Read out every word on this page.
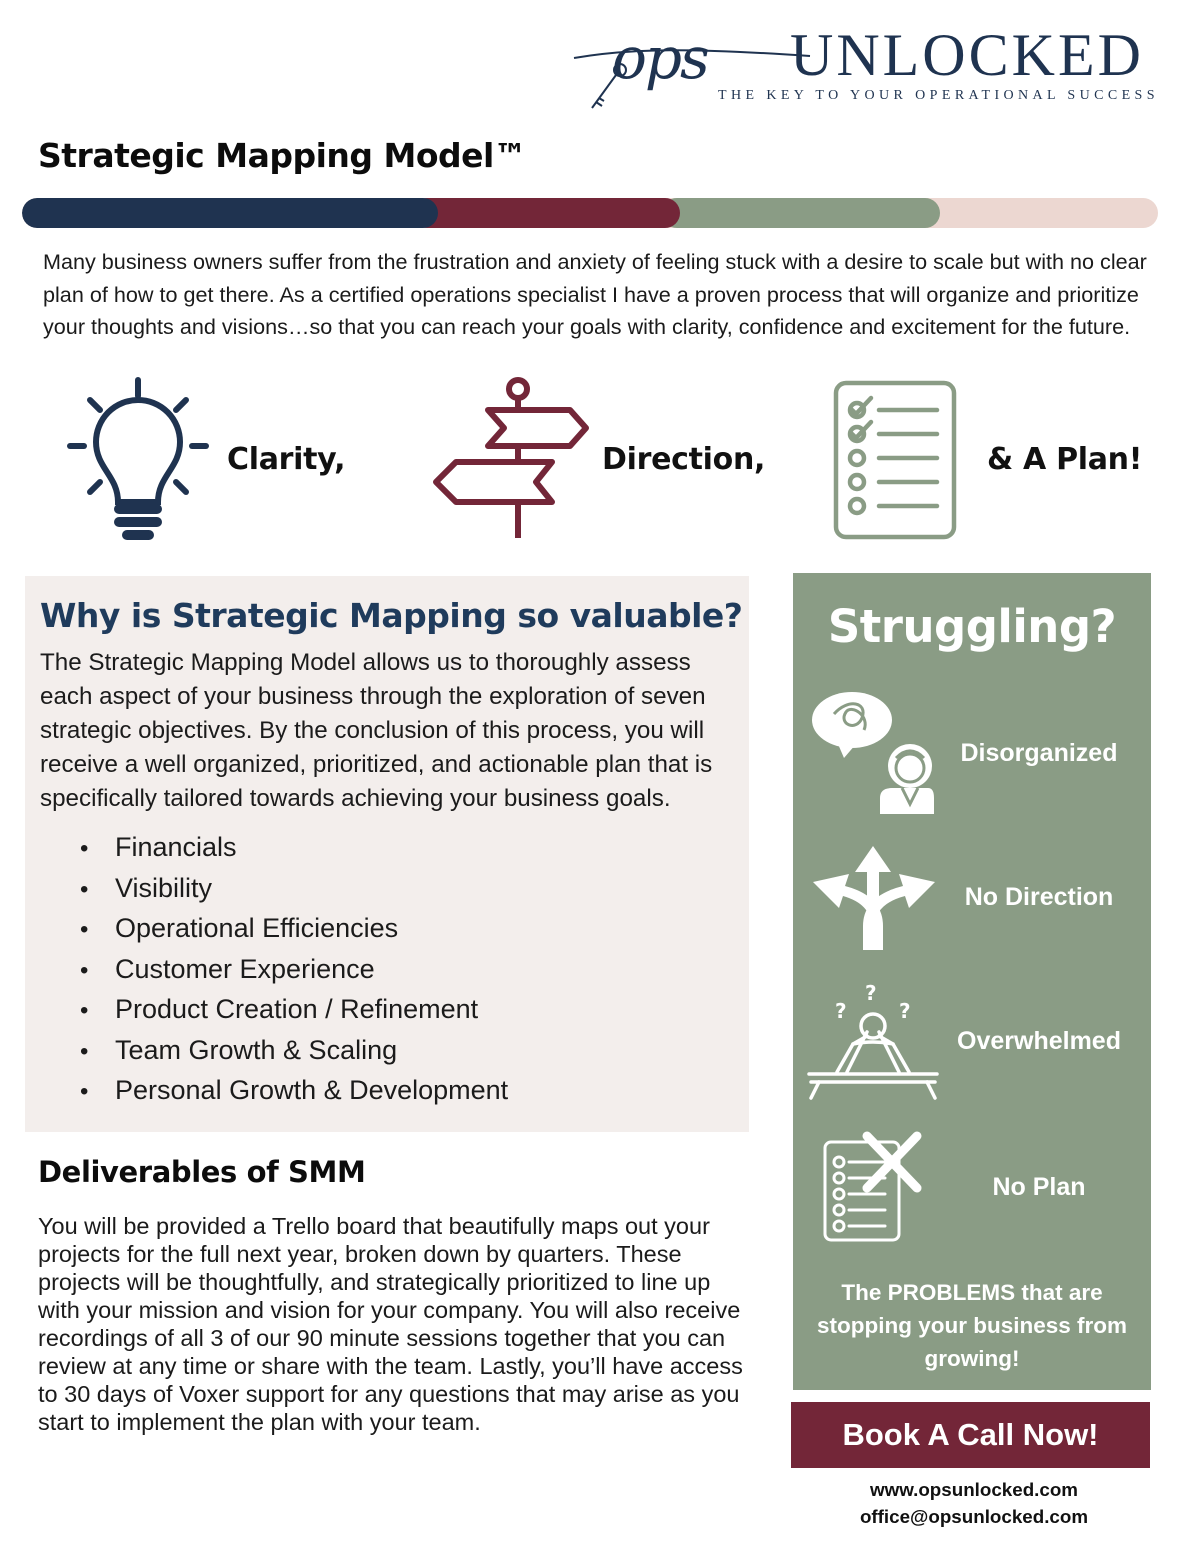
ops UNLOCKED
THE KEY TO YOUR OPERATIONAL SUCCESS
Strategic Mapping Model™
Many business owners suffer from the frustration and anxiety of feeling stuck with a desire to scale but with no clear plan of how to get there. As a certified operations specialist I have a proven process that will organize and prioritize your thoughts and visions…so that you can reach your goals with clarity, confidence and excitement for the future.
Clarity,	Direction,	& A Plan!
Why is Strategic Mapping so valuable?
The Strategic Mapping Model allows us to thoroughly assess each aspect of your business through the exploration of seven strategic objectives. By the conclusion of this process, you will receive a well organized, prioritized, and actionable plan that is specifically tailored towards achieving your business goals.
• Financials
• Visibility
• Operational Efficiencies
• Customer Experience
• Product Creation / Refinement
• Team Growth & Scaling
• Personal Growth & Development
Deliverables of SMM
You will be provided a Trello board that beautifully maps out your projects for the full next year, broken down by quarters. These projects will be thoughtfully, and strategically prioritized to line up with your mission and vision for your company. You will also receive recordings of all 3 of our 90 minute sessions together that you can review at any time or share with the team. Lastly, you’ll have access to 30 days of Voxer support for any questions that may arise as you start to implement the plan with your team.
Struggling?
Disorganized
No Direction
?
?	?
Overwhelmed
No Plan
The PROBLEMS that are stopping your business from growing!
Book A Call Now!
www.opsunlocked.com
office@opsunlocked.com
